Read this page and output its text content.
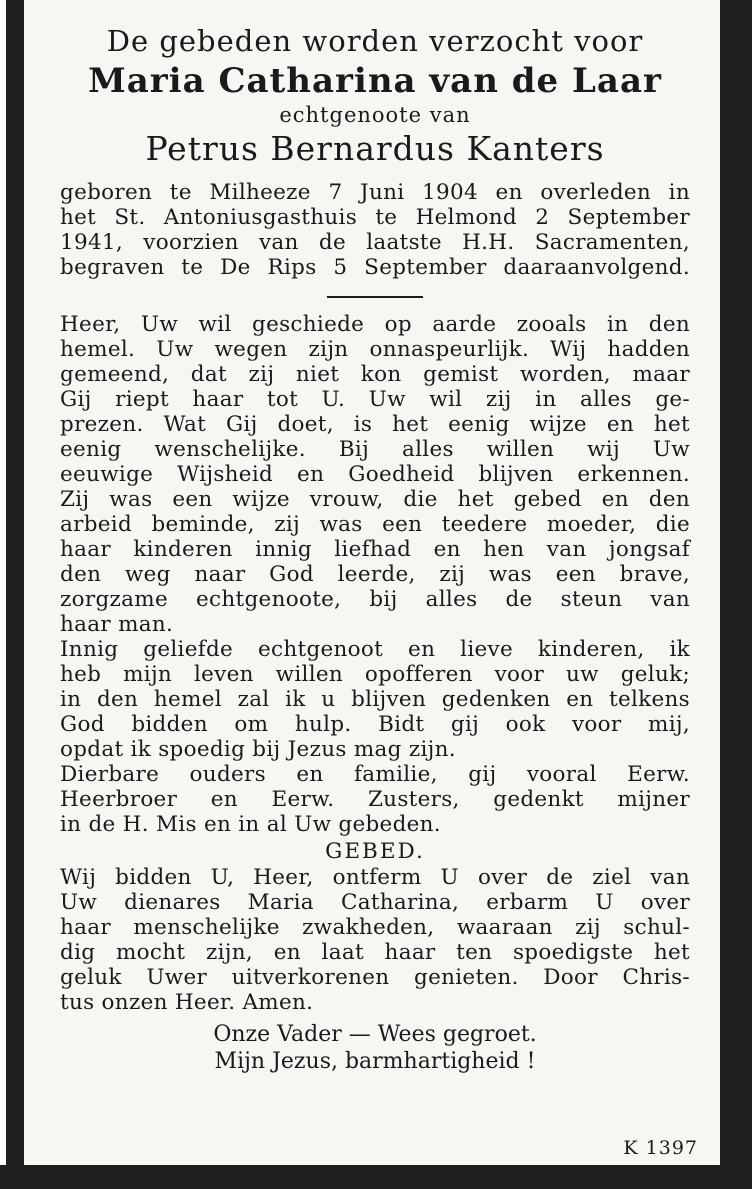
De gebeden worden verzocht voor

Maria Catharina van de Laar

echtgenoote van

Petrus Bernardus Kanters

geboren te Milheeze 7 Juni 1904 en overleden in
het St. Antoniusgasthuis te Helmond 2 September
1941, voorzien van de laatste H.H. Sacramenten,
begraven te De Rips 5 September daaraanvolgend.

Heer, Uw wil geschiede op aarde zooals in den
hemel. Uw wegen zijn onnaspeurlijk. Wij hadden
gemeend, dat zij niet kon gemist worden, maar
Gij riept haar tot U. Uw wil zij in alles ge-
prezen. Wat Gij doet, is het eenig wijze en het
eenig wenschelijke. Bij alles willen wij Uw
eeuwige Wijsheid en Goedheid blijven erkennen.
Zij was een wijze vrouw, die het gebed en den
arbeid beminde, zij was een teedere moeder, die
haar kinderen innig liefhad en hen van jongsaf
den weg naar God leerde, zij was een brave,
zorgzame echtgenoote, bij alles de steun van
haar man.
Innig geliefde echtgenoot en lieve kinderen, ik
heb mijn leven willen opofferen voor uw geluk;
in den hemel zal ik u blijven gedenken en telkens
God bidden om hulp. Bidt gij ook voor mij,
opdat ik spoedig bij Jezus mag zijn.
Dierbare ouders en familie, gij vooral Eerw.
Heerbroer en Eerw. Zusters, gedenkt mijner
in de H. Mis en in al Uw gebeden.

GEBED.

Wij bidden U, Heer, ontferm U over de ziel van
Uw dienares Maria Catharina, erbarm U over
haar menschelijke zwakheden, waaraan zij schul-
dig mocht zijn, en laat haar ten spoedigste het
geluk Uwer uitverkorenen genieten. Door Chris-
tus onzen Heer. Amen.

Onze Vader — Wees gegroet.
Mijn Jezus, barmhartigheid !
K 1397
